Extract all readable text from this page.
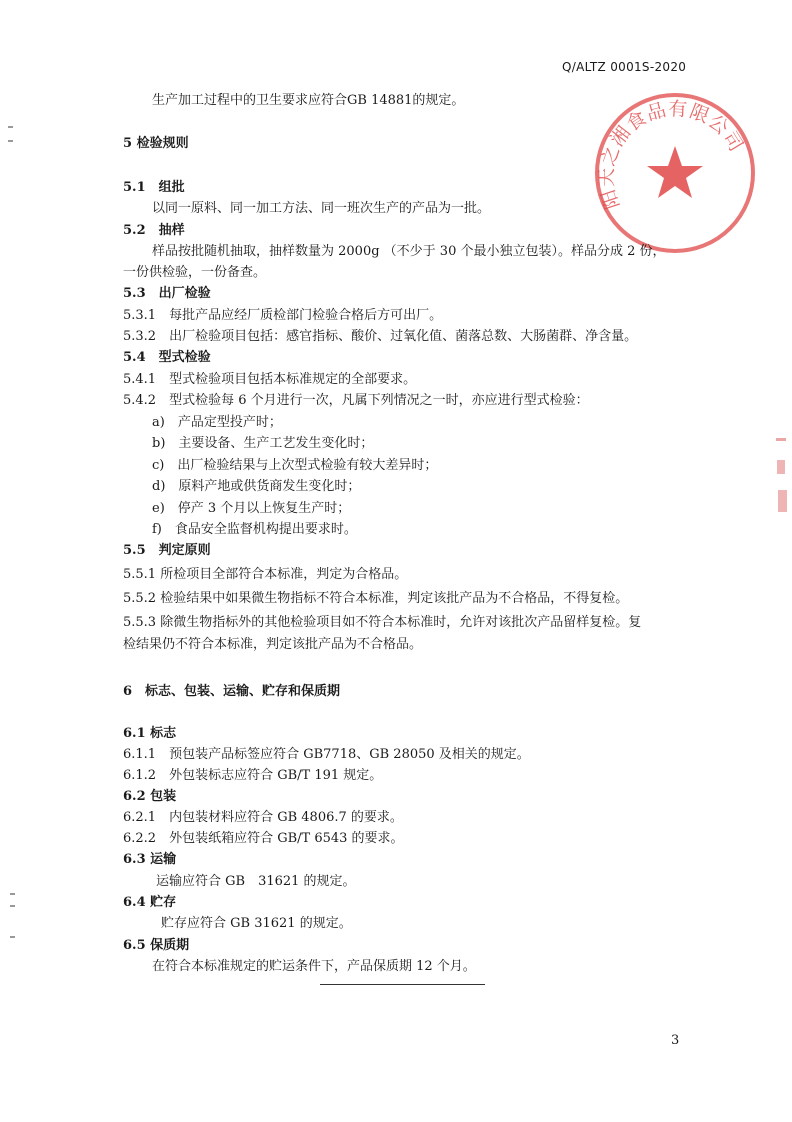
Q/ALTZ 0001S-2020
阳天之湘食品有限公司
生产加工过程中的卫生要求应符合GB 14881的规定。
5 检验规则
5.1　组批
以同一原料、同一加工方法、同一班次生产的产品为一批。
5.2　抽样
样品按批随机抽取，抽样数量为 2000g （不少于 30 个最小独立包装）。样品分成 2 份，
一份供检验，一份备查。
5.3　出厂检验
5.3.1　每批产品应经厂质检部门检验合格后方可出厂。
5.3.2　出厂检验项目包括：感官指标、酸价、过氧化值、菌落总数、大肠菌群、净含量。
5.4　型式检验
5.4.1　型式检验项目包括本标准规定的全部要求。
5.4.2　型式检验每 6 个月进行一次，凡属下列情况之一时，亦应进行型式检验：
a)　产品定型投产时；
b)　主要设备、生产工艺发生变化时；
c)　出厂检验结果与上次型式检验有较大差异时；
d)　原料产地或供货商发生变化时；
e)　停产 3 个月以上恢复生产时；
f)　食品安全监督机构提出要求时。
5.5　判定原则
5.5.1 所检项目全部符合本标准，判定为合格品。
5.5.2 检验结果中如果微生物指标不符合本标准，判定该批产品为不合格品，不得复检。
5.5.3 除微生物指标外的其他检验项目如不符合本标准时，允许对该批次产品留样复检。复
检结果仍不符合本标准，判定该批产品为不合格品。
6　标志、包装、运输、贮存和保质期
6.1 标志
6.1.1　预包装产品标签应符合 GB7718、GB 28050 及相关的规定。
6.1.2　外包装标志应符合 GB/T 191 规定。
6.2 包装
6.2.1　内包装材料应符合 GB 4806.7 的要求。
6.2.2　外包装纸箱应符合 GB/T 6543 的要求。
6.3 运输
运输应符合 GB　31621 的规定。
6.4 贮存
贮存应符合 GB 31621 的规定。
6.5 保质期
在符合本标准规定的贮运条件下，产品保质期 12 个月。
3
